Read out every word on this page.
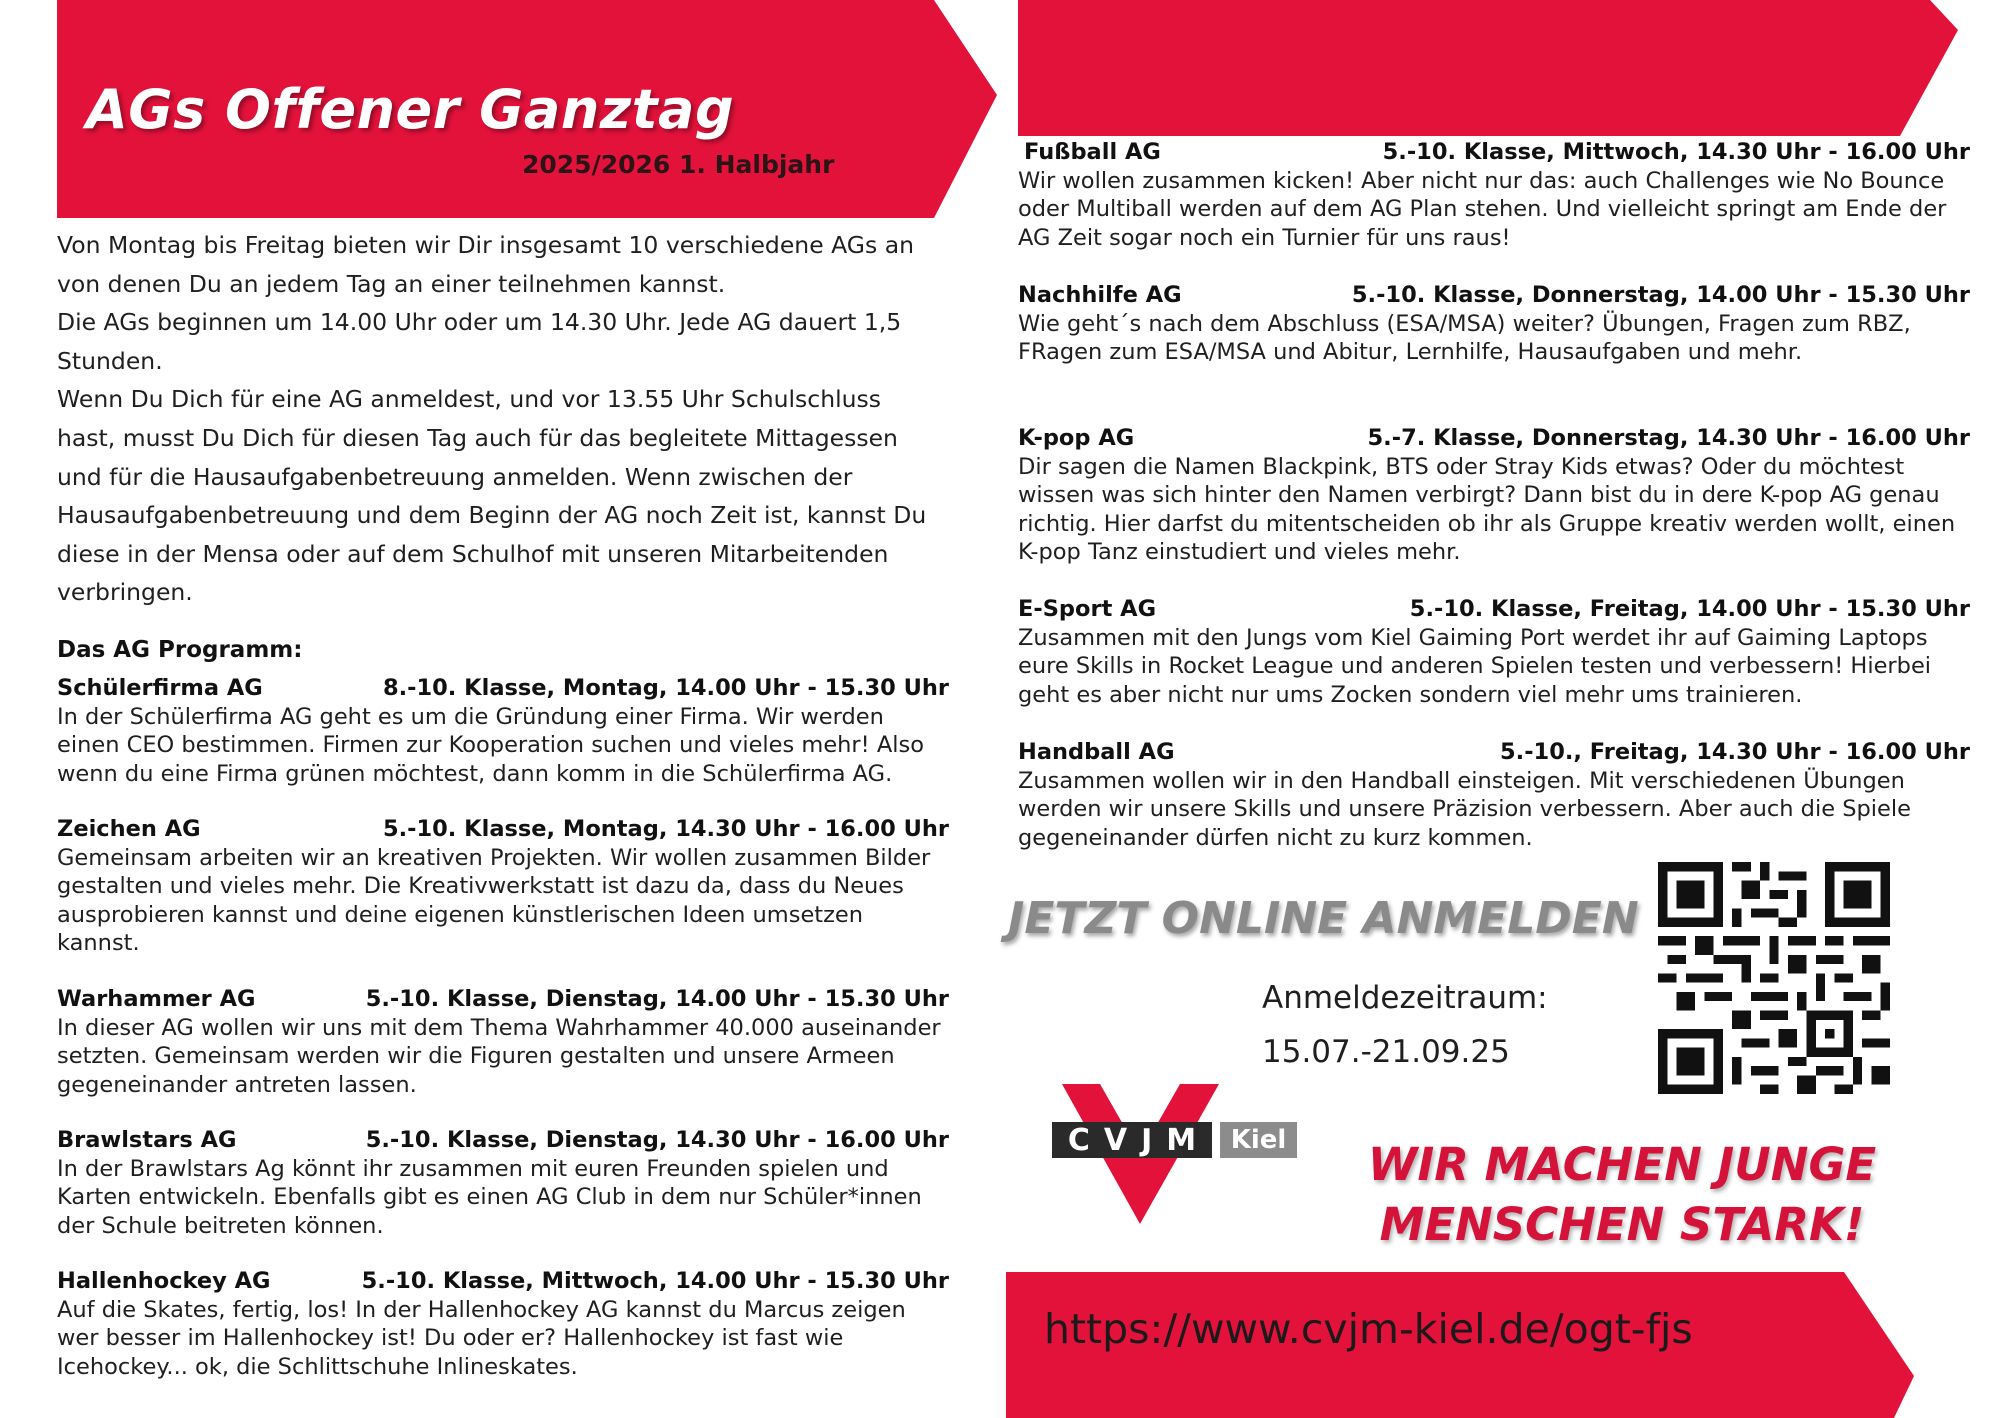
AGs Offener Ganztag
2025/2026 1. Halbjahr

Von Montag bis Freitag bieten wir Dir insgesamt 10 verschiedene AGs an von denen Du an jedem Tag an einer teilnehmen kannst.

Die AGs beginnen um 14.00 Uhr oder um 14.30 Uhr. Jede AG dauert 1,5 Stunden.

Wenn Du Dich für eine AG anmeldest, und vor 13.55 Uhr Schulschluss hast, musst Du Dich für diesen Tag auch für das begleitete Mittagessen und für die Hausaufgabenbetreuung anmelden. Wenn zwischen der Hausaufgabenbetreuung und dem Beginn der AG noch Zeit ist, kannst Du diese in der Mensa oder auf dem Schulhof mit unseren Mitarbeitenden verbringen.

Das AG Programm:
Schülerfirma AG	8.-10. Klasse, Montag, 14.00 Uhr - 15.30 Uhr

In der Schülerfirma AG geht es um die Gründung einer Firma. Wir werden einen CEO bestimmen. Firmen zur Kooperation suchen und vieles mehr! Also wenn du eine Firma grünen möchtest, dann komm in die Schülerfirma AG.

Zeichen AG	5.-10. Klasse, Montag, 14.30 Uhr - 16.00 Uhr

Gemeinsam arbeiten wir an kreativen Projekten. Wir wollen zusammen Bilder gestalten und vieles mehr. Die Kreativwerkstatt ist dazu da, dass du Neues ausprobieren kannst und deine eigenen künstlerischen Ideen umsetzen kannst.

Warhammer AG	5.-10. Klasse, Dienstag, 14.00 Uhr - 15.30 Uhr

In dieser AG wollen wir uns mit dem Thema Wahrhammer 40.000 auseinander setzten. Gemeinsam werden wir die Figuren gestalten und unsere Armeen gegeneinander antreten lassen.

Brawlstars AG	5.-10. Klasse, Dienstag, 14.30 Uhr - 16.00 Uhr

In der Brawlstars Ag könnt ihr zusammen mit euren Freunden spielen und Karten entwickeln. Ebenfalls gibt es einen AG Club in dem nur Schüler*innen der Schule beitreten können.

Hallenhockey AG	5.-10. Klasse, Mittwoch, 14.00 Uhr - 15.30 Uhr

Auf die Skates, fertig, los! In der Hallenhockey AG kannst du Marcus zeigen wer besser im Hallenhockey ist! Du oder er? Hallenhockey ist fast wie Icehockey... ok, die Schlittschuhe Inlineskates.

Fußball AG	5.-10. Klasse, Mittwoch, 14.30 Uhr - 16.00 Uhr

Wir wollen zusammen kicken! Aber nicht nur das: auch Challenges wie No Bounce oder Multiball werden auf dem AG Plan stehen. Und vielleicht springt am Ende der AG Zeit sogar noch ein Turnier für uns raus!

Nachhilfe AG	5.-10. Klasse, Donnerstag, 14.00 Uhr - 15.30 Uhr

Wie geht´s nach dem Abschluss (ESA/MSA) weiter? Übungen, Fragen zum RBZ, FRagen zum ESA/MSA und Abitur, Lernhilfe, Hausaufgaben und mehr.

K-pop AG	5.-7. Klasse, Donnerstag, 14.30 Uhr - 16.00 Uhr

Dir sagen die Namen Blackpink, BTS oder Stray Kids etwas? Oder du möchtest wissen was sich hinter den Namen verbirgt? Dann bist du in dere K-pop AG genau richtig. Hier darfst du mitentscheiden ob ihr als Gruppe kreativ werden wollt, einen K-pop Tanz einstudiert und vieles mehr.

E-Sport AG	5.-10. Klasse, Freitag, 14.00 Uhr - 15.30 Uhr

Zusammen mit den Jungs vom Kiel Gaiming Port werdet ihr auf Gaiming Laptops eure Skills in Rocket League und anderen Spielen testen und verbessern! Hierbei geht es aber nicht nur ums Zocken sondern viel mehr ums trainieren.

Handball AG	5.-10., Freitag, 14.30 Uhr - 16.00 Uhr

Zusammen wollen wir in den Handball einsteigen. Mit verschiedenen Übungen werden wir unsere Skills und unsere Präzision verbessern. Aber auch die Spiele gegeneinander dürfen nicht zu kurz kommen.

JETZT ONLINE ANMELDEN
Anmeldezeitraum:
15.07.-21.09.25
CVJM Kiel	WIR MACHEN JUNGE
MENSCHEN STARK!
https://www.cvjm-kiel.de/ogt-fjs
